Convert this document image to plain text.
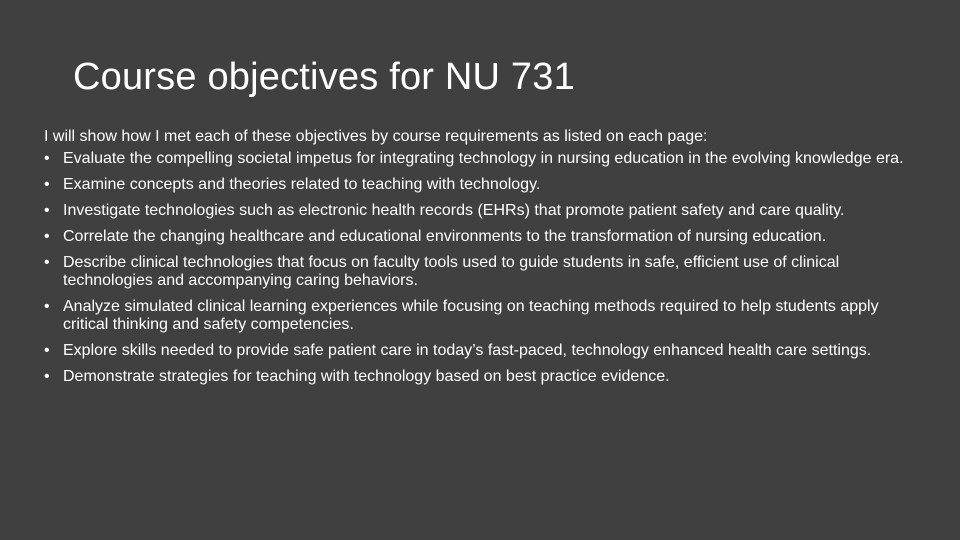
Course objectives for NU 731

I will show how I met each of these objectives by course requirements as listed on each page:

• Evaluate the compelling societal impetus for integrating technology in nursing education in the evolving knowledge era.
• Examine concepts and theories related to teaching with technology.
• Investigate technologies such as electronic health records (EHRs) that promote patient safety and care quality.
• Correlate the changing healthcare and educational environments to the transformation of nursing education.
• Describe clinical technologies that focus on faculty tools used to guide students in safe, efficient use of clinical technologies and accompanying caring behaviors.
• Analyze simulated clinical learning experiences while focusing on teaching methods required to help students apply critical thinking and safety competencies.
• Explore skills needed to provide safe patient care in today’s fast-paced, technology enhanced health care settings.
• Demonstrate strategies for teaching with technology based on best practice evidence.
